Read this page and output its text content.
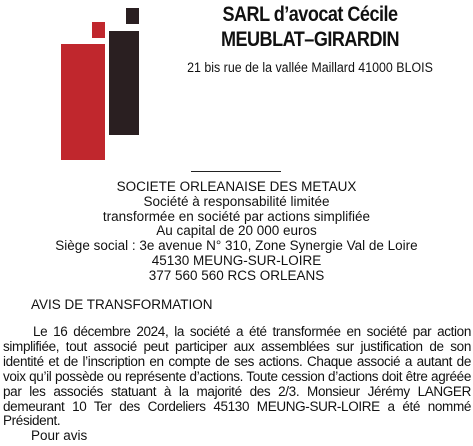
SARL d’avocat Cécile
MEUBLAT–GIRARDIN
21 bis rue de la vallée Maillard 41000 BLOIS
SOCIETE ORLEANAISE DES METAUX
Société à responsabilité limitée
transformée en société par actions simplifiée
Au capital de 20 000 euros
Siège social : 3e avenue N° 310, Zone Synergie Val de Loire
45130 MEUNG-SUR-LOIRE
377 560 560 RCS ORLEANS
AVIS DE TRANSFORMATION
Le 16 décembre 2024, la société a été transformée en société par action simplifiée, tout associé peut participer aux assemblées sur justification de son identité et de l’inscription en compte de ses actions. Chaque associé a autant de voix qu’il possède ou représente d’actions. Toute cession d’actions doit être agréée par les associés statuant à la majorité des 2/3. Monsieur Jérémy LANGER demeurant 10 Ter des Cordeliers 45130 MEUNG-SUR-LOIRE a été nommé Président.
Pour avis
